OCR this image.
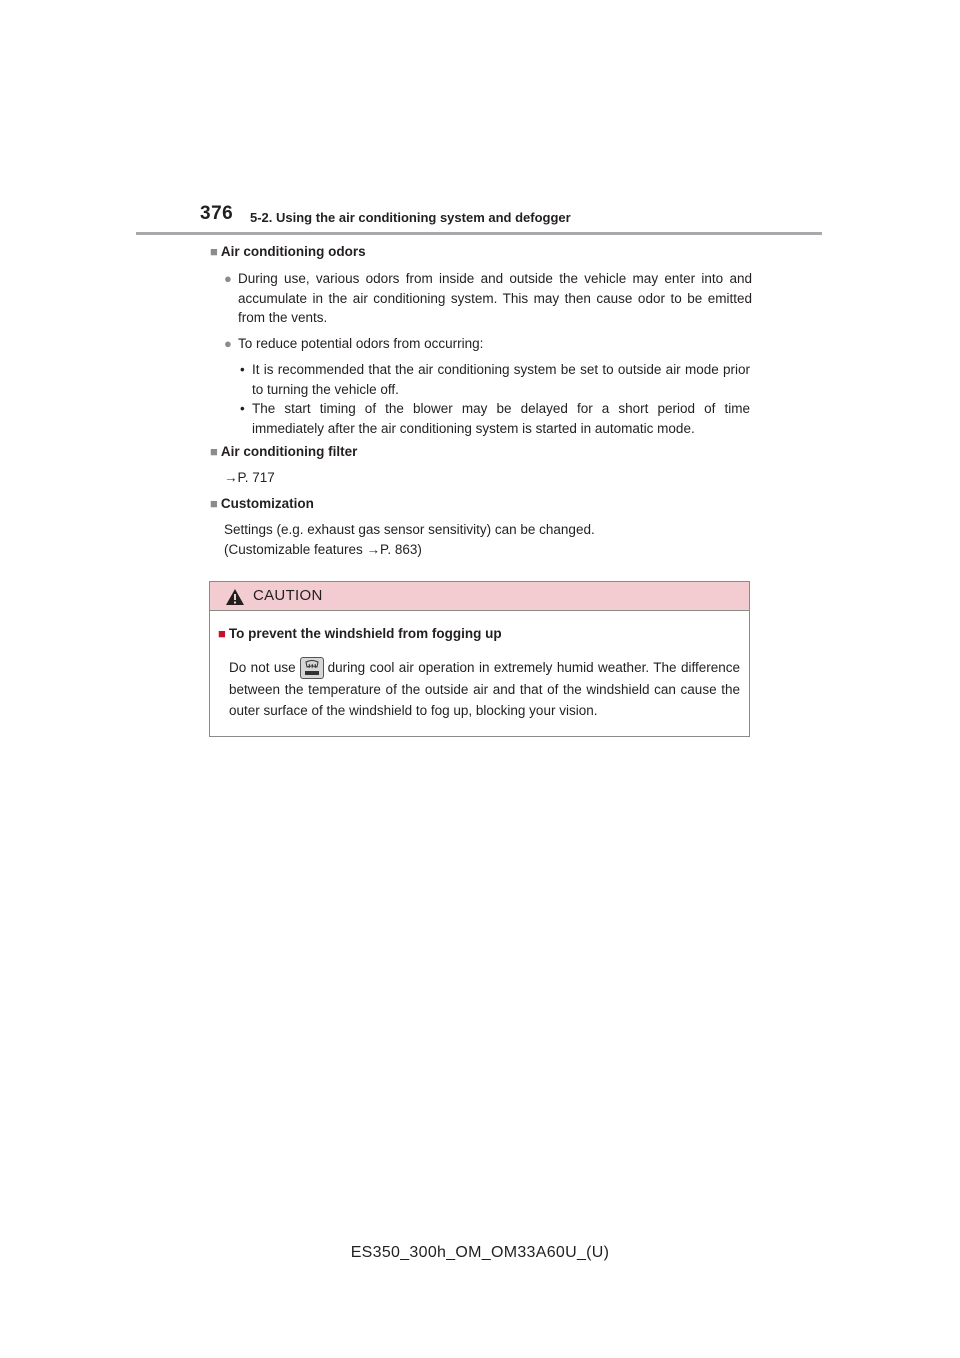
376 5-2. Using the air conditioning system and defogger
■ Air conditioning odors
● During use, various odors from inside and outside the vehicle may enter into and accumulate in the air conditioning system. This may then cause odor to be emitted from the vents.
● To reduce potential odors from occurring:
• It is recommended that the air conditioning system be set to outside air mode prior to turning the vehicle off.
• The start timing of the blower may be delayed for a short period of time immediately after the air conditioning system is started in automatic mode.
■ Air conditioning filter
→P. 717
■ Customization
Settings (e.g. exhaust gas sensor sensitivity) can be changed.
(Customizable features →P. 863)
CAUTION
■ To prevent the windshield from fogging up
Do not use during cool air operation in extremely humid weather. The difference between the temperature of the outside air and that of the windshield can cause the outer surface of the windshield to fog up, blocking your vision.
ES350_300h_OM_OM33A60U_(U)
